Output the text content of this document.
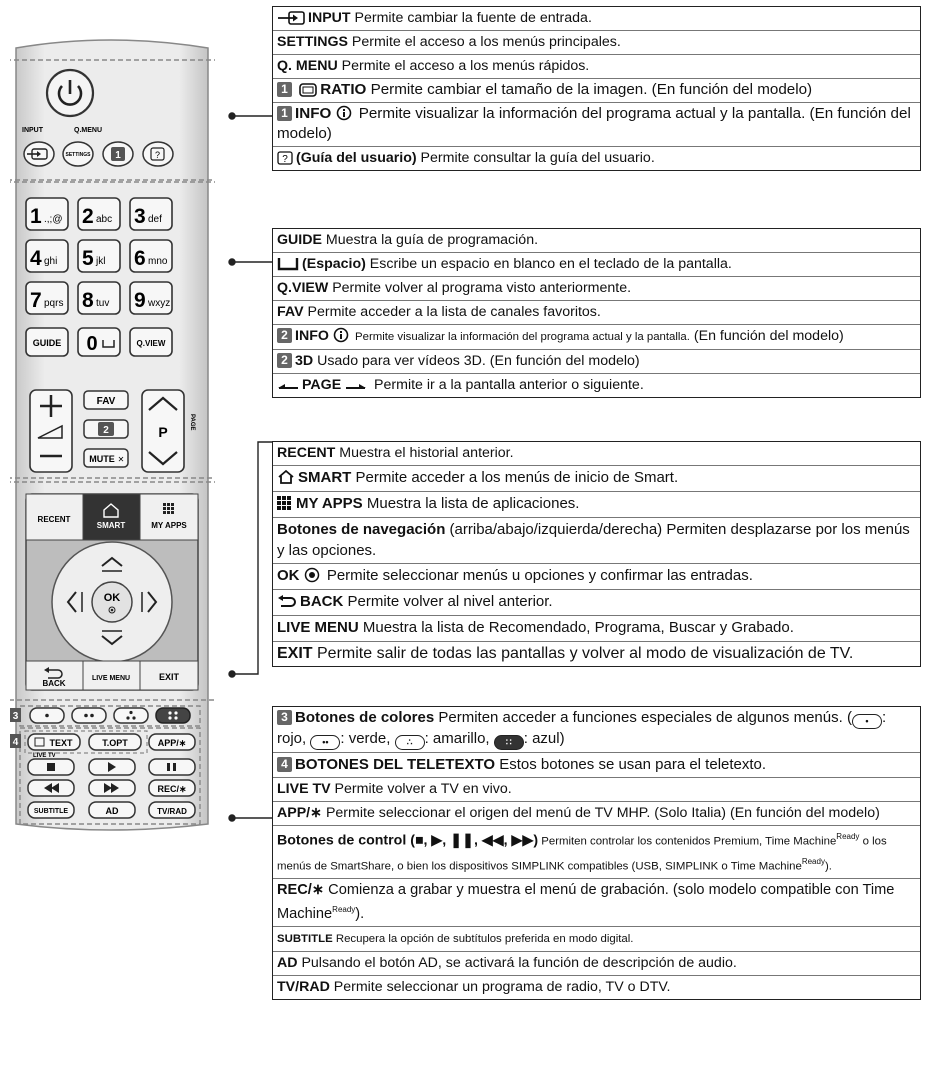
INPUT	Q.MENU
SETTINGS 1	?
1 .,;@ 2 abc 3 def
4 ghi 5 jkl 6 mno
7 pqrs 8 tuv 9 wxyz
GUIDE 0	Q.VIEW
FAV
2
MUTE ✕
P
PAGE
RECENT
SMART	MY APPS
OK
BACK
LIVE MENU	EXIT
3
4	TEXT	T.OPT	APP/∗
LIVE TV
REC/∗
SUBTITLE	AD	TV/RAD
INPUT Permite cambiar la fuente de entrada.
SETTINGS Permite el acceso a los menús principales.
Q. MENU Permite el acceso a los menús rápidos.
1 RATIO Permite cambiar el tamaño de la imagen. (En función del modelo)
1 INFO  Permite visualizar la información del programa actual y la pantalla. (En función del modelo)
? (Guía del usuario) Permite consultar la guía del usuario.
GUIDE Muestra la guía de programación.
(Espacio) Escribe un espacio en blanco en el teclado de la pantalla.
Q.VIEW Permite volver al programa visto anteriormente.
FAV Permite acceder a la lista de canales favoritos.
2 INFO  Permite visualizar la información del programa actual y la pantalla. (En función del modelo)
2 3D Usado para ver vídeos 3D. (En función del modelo)
PAGE  Permite ir a la pantalla anterior o siguiente.
RECENT Muestra el historial anterior.
SMART Permite acceder a los menús de inicio de Smart.
MY APPS Muestra la lista de aplicaciones.
Botones de navegación (arriba/abajo/izquierda/derecha) Permiten desplazarse por los menús y las opciones.
OK  Permite seleccionar menús u opciones y confirmar las entradas.
BACK Permite volver al nivel anterior.
LIVE MENU Muestra la lista de Recomendado, Programa, Buscar y Grabado.
EXIT Permite salir de todas las pantallas y volver al modo de visualización de TV.
3 Botones de colores Permiten acceder a funciones especiales de algunos menús. ( • : rojo, •• : verde, ∴ : amarillo, ∷ : azul)
4 BOTONES DEL TELETEXTO Estos botones se usan para el teletexto.
LIVE TV Permite volver a TV en vivo.
APP/∗ Permite seleccionar el origen del menú de TV MHP. (Solo Italia) (En función del modelo)
Botones de control (■, ▶, ❚❚, ◀◀, ▶▶) Permiten controlar los contenidos Premium, Time Machine$^{Ready}$ o los menús de SmartShare, o bien los dispositivos SIMPLINK compatibles (USB, SIMPLINK o Time Machine$^{Ready}$).
REC/∗ Comienza a grabar y muestra el menú de grabación. (solo modelo compatible con Time Machine$^{Ready}$).
SUBTITLE Recupera la opción de subtítulos preferida en modo digital.
AD Pulsando el botón AD, se activará la función de descripción de audio.
TV/RAD Permite seleccionar un programa de radio, TV o DTV.
